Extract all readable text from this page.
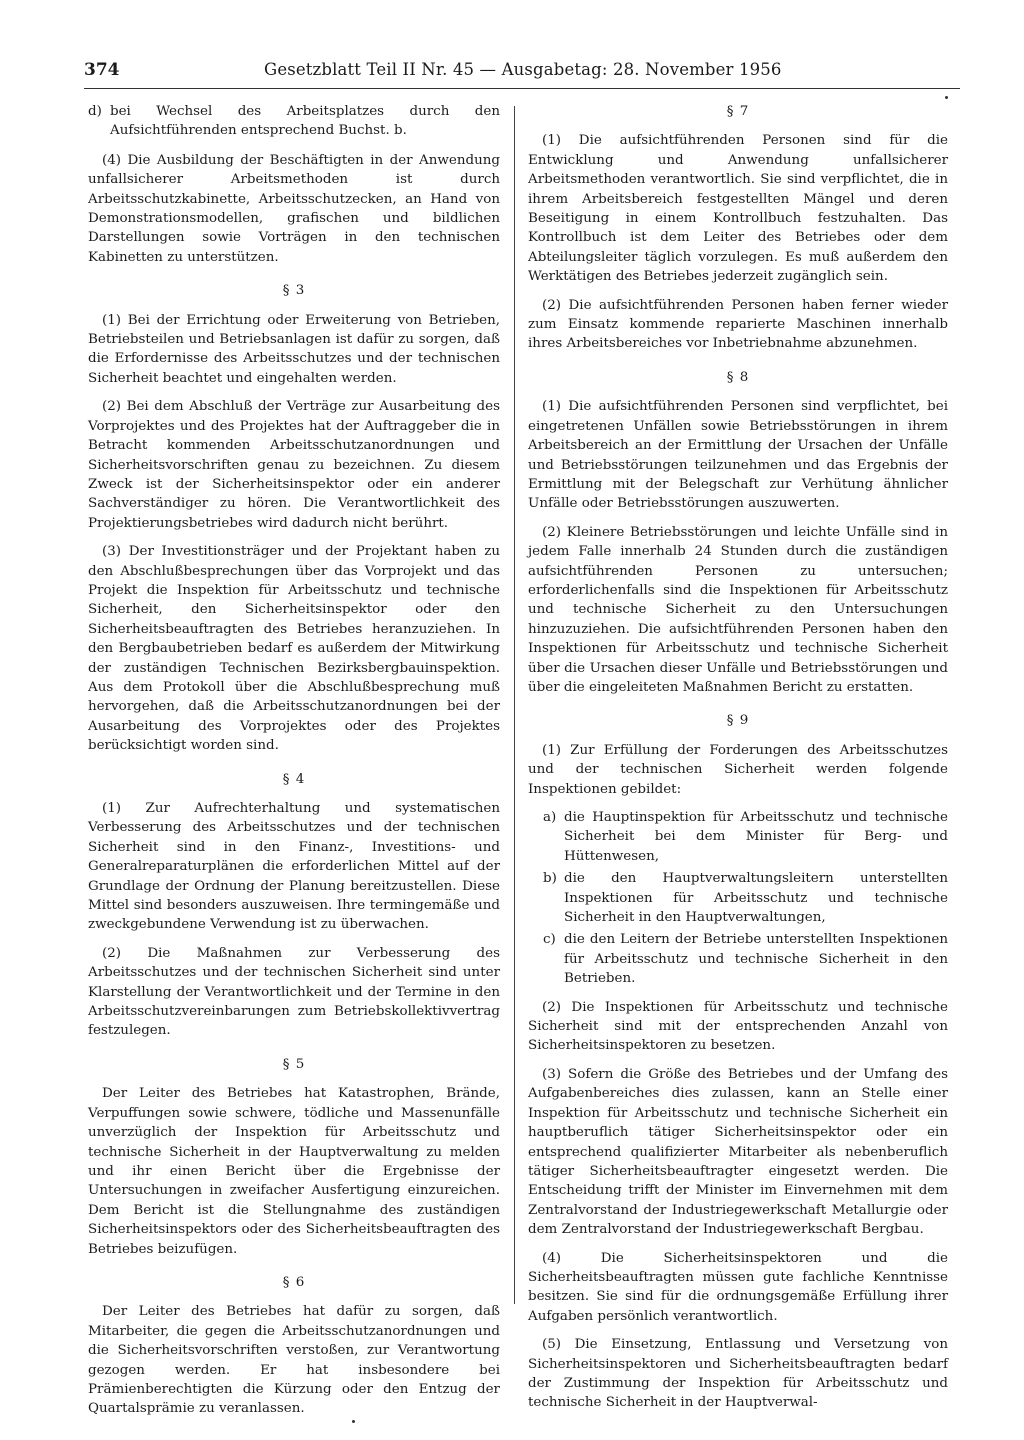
374	Gesetzblatt Teil II Nr. 45 — Ausgabetag: 28. November 1956
d) bei Wechsel des Arbeitsplatzes durch den Aufsichtführenden entsprechend Buchst. b.

(4) Die Ausbildung der Beschäftigten in der Anwendung unfallsicherer Arbeitsmethoden ist durch Arbeitsschutzkabinette, Arbeitsschutzecken, an Hand von Demonstrationsmodellen, grafischen und bildlichen Darstellungen sowie Vorträgen in den technischen Kabinetten zu unterstützen.

§ 3

(1) Bei der Errichtung oder Erweiterung von Betrieben, Betriebsteilen und Betriebsanlagen ist dafür zu sorgen, daß die Erfordernisse des Arbeitsschutzes und der technischen Sicherheit beachtet und eingehalten werden.

(2) Bei dem Abschluß der Verträge zur Ausarbeitung des Vorprojektes und des Projektes hat der Auftraggeber die in Betracht kommenden Arbeitsschutzanordnungen und Sicherheitsvorschriften genau zu bezeichnen. Zu diesem Zweck ist der Sicherheitsinspektor oder ein anderer Sachverständiger zu hören. Die Verantwortlichkeit des Projektierungsbetriebes wird dadurch nicht berührt.

(3) Der Investitionsträger und der Projektant haben zu den Abschlußbesprechungen über das Vorprojekt und das Projekt die Inspektion für Arbeitsschutz und technische Sicherheit, den Sicherheitsinspektor oder den Sicherheitsbeauftragten des Betriebes heranzuziehen. In den Bergbaubetrieben bedarf es außerdem der Mitwirkung der zuständigen Technischen Bezirksbergbauinspektion. Aus dem Protokoll über die Abschlußbesprechung muß hervorgehen, daß die Arbeitsschutzanordnungen bei der Ausarbeitung des Vorprojektes oder des Projektes berücksichtigt worden sind.

§ 4

(1) Zur Aufrechterhaltung und systematischen Verbesserung des Arbeitsschutzes und der technischen Sicherheit sind in den Finanz-, Investitions- und Generalreparaturplänen die erforderlichen Mittel auf der Grundlage der Ordnung der Planung bereitzustellen. Diese Mittel sind besonders auszuweisen. Ihre termingemäße und zweckgebundene Verwendung ist zu überwachen.

(2) Die Maßnahmen zur Verbesserung des Arbeitsschutzes und der technischen Sicherheit sind unter Klarstellung der Verantwortlichkeit und der Termine in den Arbeitsschutzvereinbarungen zum Betriebskollektivvertrag festzulegen.

§ 5

Der Leiter des Betriebes hat Katastrophen, Brände, Verpuffungen sowie schwere, tödliche und Massenunfälle unverzüglich der Inspektion für Arbeitsschutz und technische Sicherheit in der Hauptverwaltung zu melden und ihr einen Bericht über die Ergebnisse der Untersuchungen in zweifacher Ausfertigung einzureichen. Dem Bericht ist die Stellungnahme des zuständigen Sicherheitsinspektors oder des Sicherheitsbeauftragten des Betriebes beizufügen.

§ 6

Der Leiter des Betriebes hat dafür zu sorgen, daß Mitarbeiter, die gegen die Arbeitsschutzanordnungen und die Sicherheitsvorschriften verstoßen, zur Verantwortung gezogen werden. Er hat insbesondere bei Prämienberechtigten die Kürzung oder den Entzug der Quartalsprämie zu veranlassen.

§ 7

(1) Die aufsichtführenden Personen sind für die Entwicklung und Anwendung unfallsicherer Arbeitsmethoden verantwortlich. Sie sind verpflichtet, die in ihrem Arbeitsbereich festgestellten Mängel und deren Beseitigung in einem Kontrollbuch festzuhalten. Das Kontrollbuch ist dem Leiter des Betriebes oder dem Abteilungsleiter täglich vorzulegen. Es muß außerdem den Werktätigen des Betriebes jederzeit zugänglich sein.

(2) Die aufsichtführenden Personen haben ferner wieder zum Einsatz kommende reparierte Maschinen innerhalb ihres Arbeitsbereiches vor Inbetriebnahme abzunehmen.

§ 8

(1) Die aufsichtführenden Personen sind verpflichtet, bei eingetretenen Unfällen sowie Betriebsstörungen in ihrem Arbeitsbereich an der Ermittlung der Ursachen der Unfälle und Betriebsstörungen teilzunehmen und das Ergebnis der Ermittlung mit der Belegschaft zur Verhütung ähnlicher Unfälle oder Betriebsstörungen auszuwerten.

(2) Kleinere Betriebsstörungen und leichte Unfälle sind in jedem Falle innerhalb 24 Stunden durch die zuständigen aufsichtführenden Personen zu untersuchen; erforderlichenfalls sind die Inspektionen für Arbeitsschutz und technische Sicherheit zu den Untersuchungen hinzuzuziehen. Die aufsichtführenden Personen haben den Inspektionen für Arbeitsschutz und technische Sicherheit über die Ursachen dieser Unfälle und Betriebsstörungen und über die eingeleiteten Maßnahmen Bericht zu erstatten.

§ 9

(1) Zur Erfüllung der Forderungen des Arbeitsschutzes und der technischen Sicherheit werden folgende Inspektionen gebildet:

a) die Hauptinspektion für Arbeitsschutz und technische Sicherheit bei dem Minister für Berg- und Hüttenwesen,
b) die den Hauptverwaltungsleitern unterstellten Inspektionen für Arbeitsschutz und technische Sicherheit in den Hauptverwaltungen,
c) die den Leitern der Betriebe unterstellten Inspektionen für Arbeitsschutz und technische Sicherheit in den Betrieben.

(2) Die Inspektionen für Arbeitsschutz und technische Sicherheit sind mit der entsprechenden Anzahl von Sicherheitsinspektoren zu besetzen.

(3) Sofern die Größe des Betriebes und der Umfang des Aufgabenbereiches dies zulassen, kann an Stelle einer Inspektion für Arbeitsschutz und technische Sicherheit ein hauptberuflich tätiger Sicherheitsinspektor oder ein entsprechend qualifizierter Mitarbeiter als nebenberuflich tätiger Sicherheitsbeauftragter eingesetzt werden. Die Entscheidung trifft der Minister im Einvernehmen mit dem Zentralvorstand der Industriegewerkschaft Metallurgie oder dem Zentralvorstand der Industriegewerkschaft Bergbau.

(4) Die Sicherheitsinspektoren und die Sicherheitsbeauftragten müssen gute fachliche Kenntnisse besitzen. Sie sind für die ordnungsgemäße Erfüllung ihrer Aufgaben persönlich verantwortlich.

(5) Die Einsetzung, Entlassung und Versetzung von Sicherheitsinspektoren und Sicherheitsbeauftragten bedarf der Zustimmung der Inspektion für Arbeitsschutz und technische Sicherheit in der Hauptverwal-
